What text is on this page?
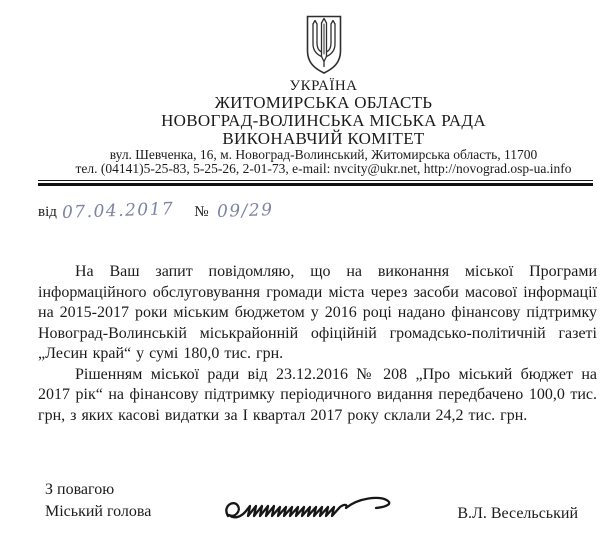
УКРАЇНА
ЖИТОМИРСЬКА ОБЛАСТЬ
НОВОГРАД-ВОЛИНСЬКА МІСЬКА РАДА
ВИКОНАВЧИЙ КОМІТЕТ
вул. Шевченка, 16, м. Новоград-Волинський, Житомирська область, 11700
тел. (04141)5-25-83, 5-25-26, 2-01-73, e-mail: nvcity@ukr.net, http://novograd.osp-ua.info
від 07.04.2017 № 09/29

На Ваш запит повідомляю, що на виконання міської Програми інформаційного обслуговування громади міста через засоби масової інформації на 2015-2017 роки міським бюджетом у 2016 році надано фінансову підтримку Новоград-Волинській міськрайонній офіційній громадсько-політичній газеті „Лесин край“ у сумі 180,0 тис. грн.

Рішенням міської ради від 23.12.2016 № 208 „Про міський бюджет на 2017 рік“ на фінансову підтримку періодичного видання передбачено 100,0 тис. грн, з яких касові видатки за I квартал 2017 року склали 24,2 тис. грн.

З повагою
Міський голова	В.Л. Весельський
